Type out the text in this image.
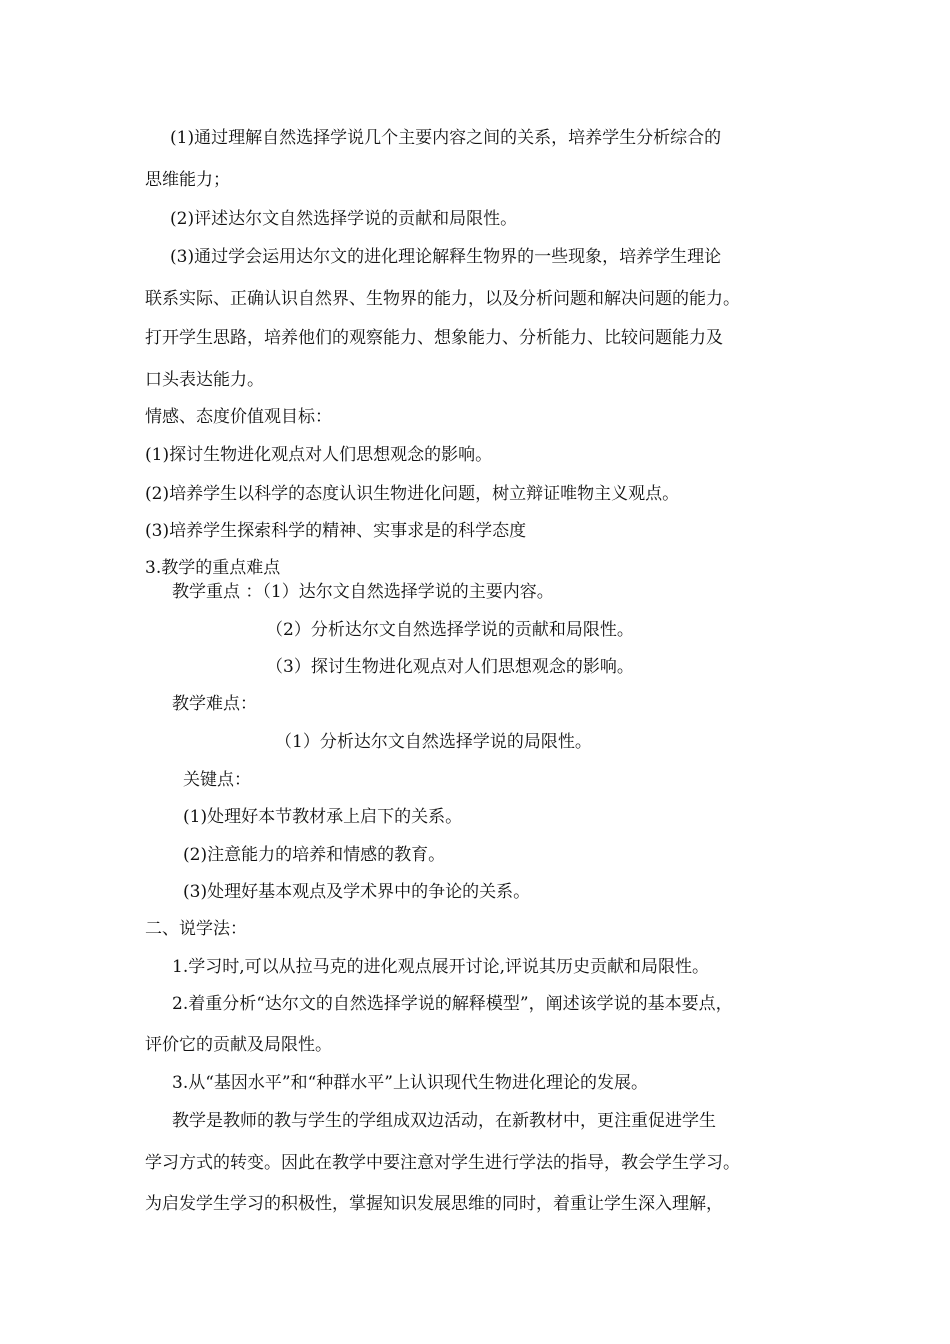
(1)通过理解自然选择学说几个主要内容之间的关系，培养学生分析综合的
思维能力；
(2)评述达尔文自然选择学说的贡献和局限性。
(3)通过学会运用达尔文的进化理论解释生物界的一些现象，培养学生理论
联系实际、正确认识自然界、生物界的能力，以及分析问题和解决问题的能力。
打开学生思路，培养他们的观察能力、想象能力、分析能力、比较问题能力及
口头表达能力。
情感、态度价值观目标：
(1)探讨生物进化观点对人们思想观念的影响。
(2)培养学生以科学的态度认识生物进化问题，树立辩证唯物主义观点。
(3)培养学生探索科学的精神、实事求是的科学态度
3.教学的重点难点
教学重点 ：（1）达尔文自然选择学说的主要内容。
（2）分析达尔文自然选择学说的贡献和局限性。
（3）探讨生物进化观点对人们思想观念的影响。
教学难点：
（1）分析达尔文自然选择学说的局限性。
关键点：
(1)处理好本节教材承上启下的关系。
(2)注意能力的培养和情感的教育。
(3)处理好基本观点及学术界中的争论的关系。
二、说学法：
1.学习时,可以从拉马克的进化观点展开讨论,评说其历史贡献和局限性。
2.着重分析“达尔文的自然选择学说的解释模型”，阐述该学说的基本要点，
评价它的贡献及局限性。
3.从“基因水平”和“种群水平”上认识现代生物进化理论的发展。
教学是教师的教与学生的学组成双边活动，在新教材中，更注重促进学生
学习方式的转变。因此在教学中要注意对学生进行学法的指导，教会学生学习。
为启发学生学习的积极性，掌握知识发展思维的同时，着重让学生深入理解，
